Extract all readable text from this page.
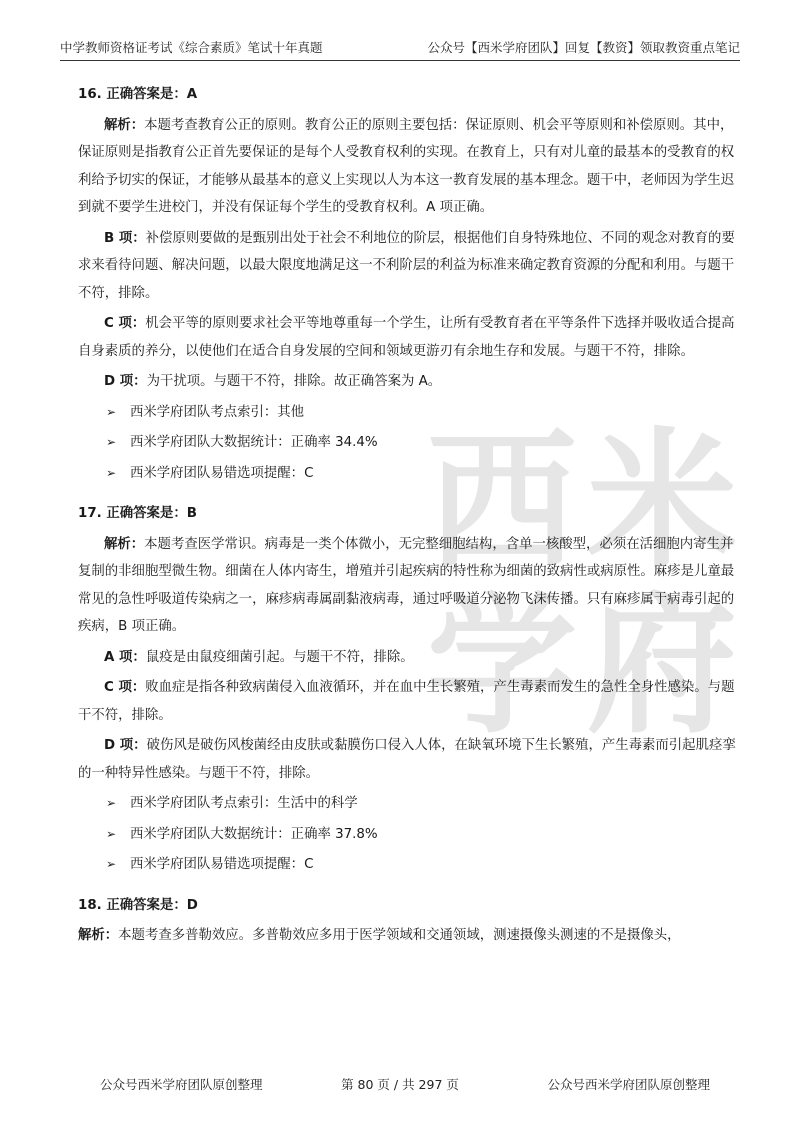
中学教师资格证考试《综合素质》笔试十年真题	公众号【西米学府团队】回复【教资】领取教资重点笔记
西米学府

16. 正确答案是：A

解析：本题考查教育公正的原则。教育公正的原则主要包括：保证原则、机会平等原则和补偿原则。其中，保证原则是指教育公正首先要保证的是每个人受教育权利的实现。在教育上，只有对儿童的最基本的受教育的权利给予切实的保证，才能够从最基本的意义上实现以人为本这一教育发展的基本理念。题干中，老师因为学生迟到就不要学生进校门，并没有保证每个学生的受教育权利。A 项正确。

B 项：补偿原则要做的是甄别出处于社会不利地位的阶层，根据他们自身特殊地位、不同的观念对教育的要求来看待问题、解决问题，以最大限度地满足这一不利阶层的利益为标准来确定教育资源的分配和利用。与题干不符，排除。

C 项：机会平等的原则要求社会平等地尊重每一个学生，让所有受教育者在平等条件下选择并吸收适合提高自身素质的养分，以使他们在适合自身发展的空间和领域更游刃有余地生存和发展。与题干不符，排除。

D 项：为干扰项。与题干不符，排除。故正确答案为 A。

➢	西米学府团队考点索引：其他

➢	西米学府团队大数据统计：正确率 34.4%

➢	西米学府团队易错选项提醒：C

17. 正确答案是：B

解析：本题考查医学常识。病毒是一类个体微小，无完整细胞结构，含单一核酸型，必须在活细胞内寄生并复制的非细胞型微生物。细菌在人体内寄生，增殖并引起疾病的特性称为细菌的致病性或病原性。麻疹是儿童最常见的急性呼吸道传染病之一，麻疹病毒属副黏液病毒，通过呼吸道分泌物飞沫传播。只有麻疹属于病毒引起的疾病，B 项正确。

A 项：鼠疫是由鼠疫细菌引起。与题干不符，排除。

C 项：败血症是指各种致病菌侵入血液循环，并在血中生长繁殖，产生毒素而发生的急性全身性感染。与题干不符，排除。

D 项：破伤风是破伤风梭菌经由皮肤或黏膜伤口侵入人体，在缺氧环境下生长繁殖，产生毒素而引起肌痉挛的一种特异性感染。与题干不符，排除。

➢	西米学府团队考点索引：生活中的科学

➢	西米学府团队大数据统计：正确率 37.8%

➢	西米学府团队易错选项提醒：C

18. 正确答案是：D

解析：本题考查多普勒效应。多普勒效应多用于医学领域和交通领域，测速摄像头测速的不是摄像头，

公众号西米学府团队原创整理	第 80 页 / 共 297 页	公众号西米学府团队原创整理
